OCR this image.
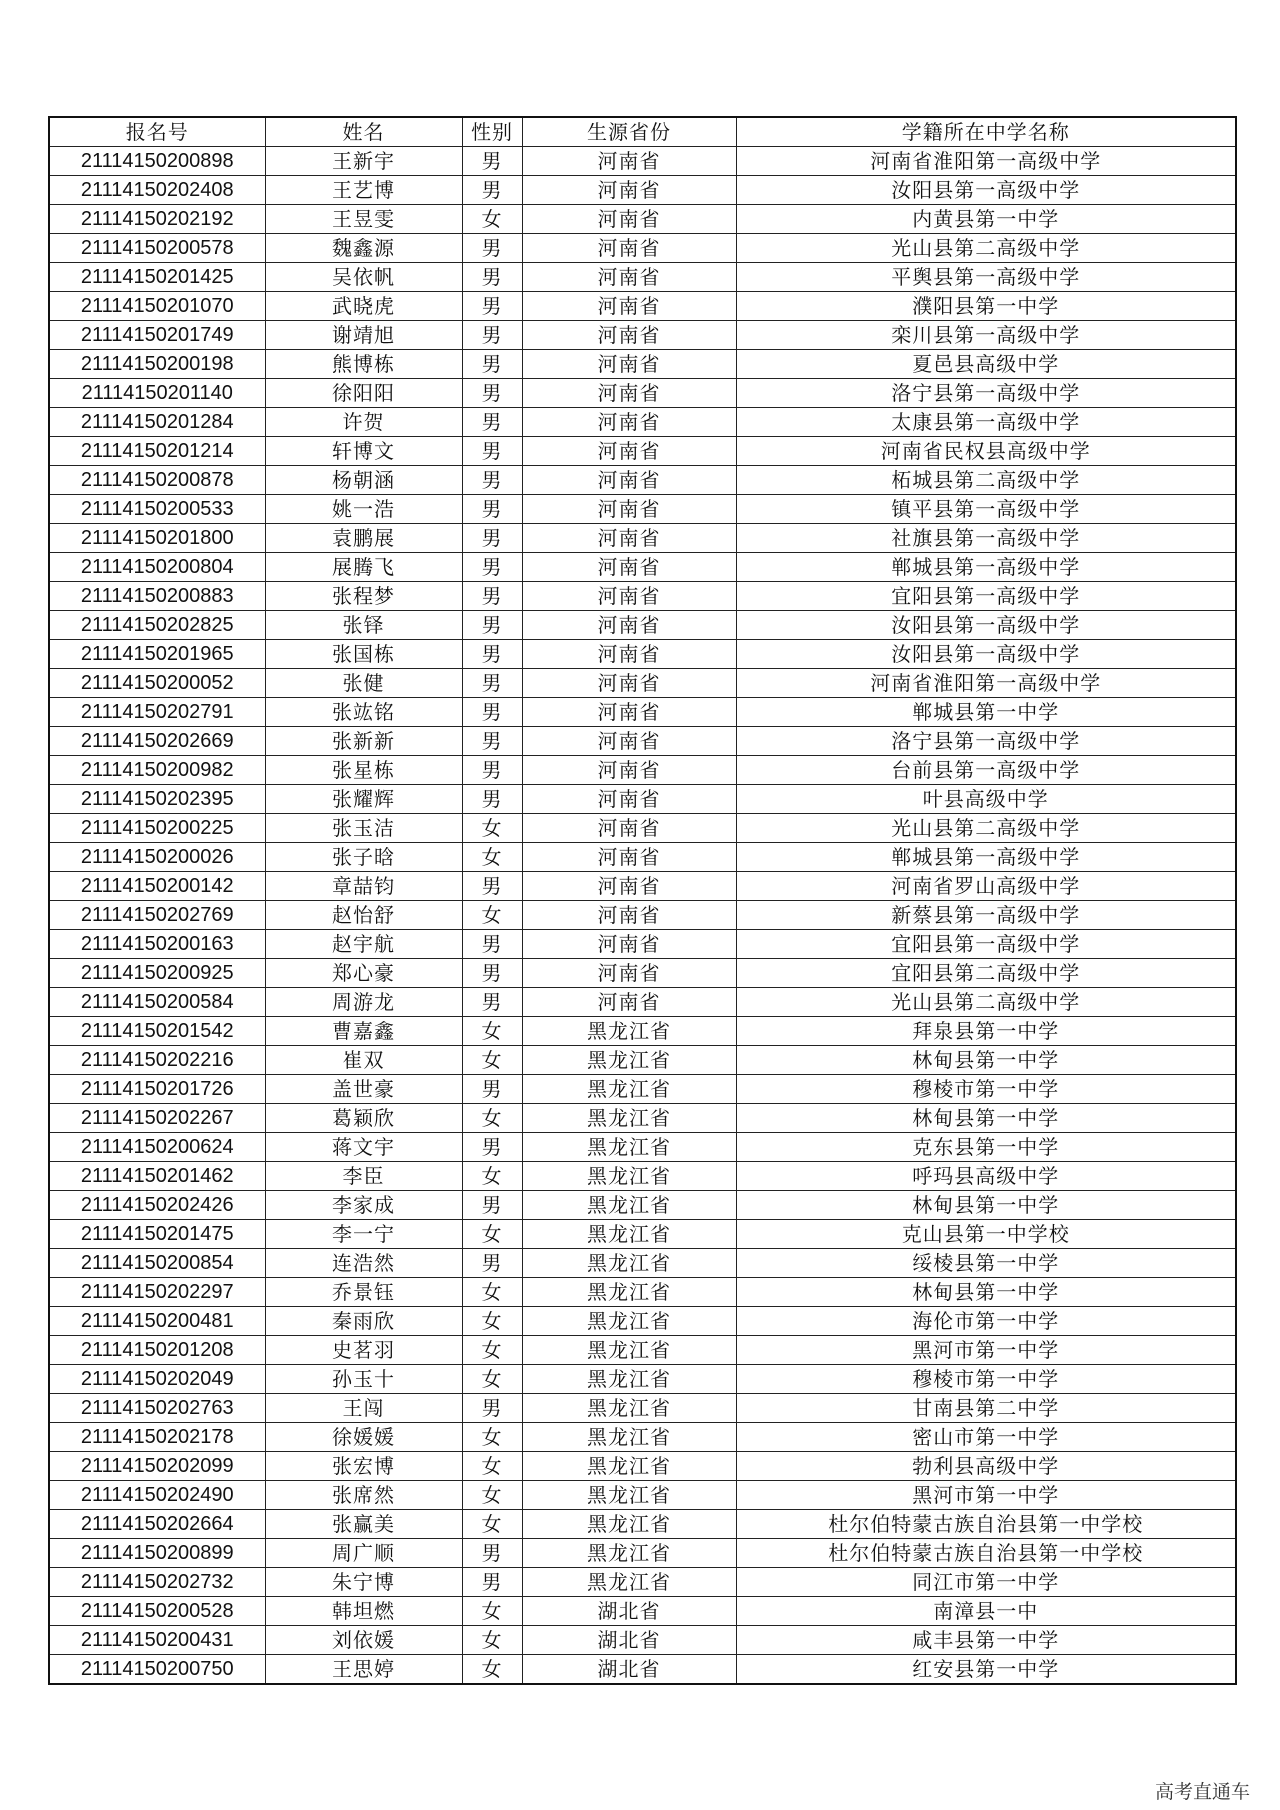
报名号	姓名	性别	生源省份	学籍所在中学名称
21114150200898	王新宇	男	河南省	河南省淮阳第一高级中学
21114150202408	王艺博	男	河南省	汝阳县第一高级中学
21114150202192	王昱雯	女	河南省	内黄县第一中学
21114150200578	魏鑫源	男	河南省	光山县第二高级中学
21114150201425	吴依帆	男	河南省	平舆县第一高级中学
21114150201070	武晓虎	男	河南省	濮阳县第一中学
21114150201749	谢靖旭	男	河南省	栾川县第一高级中学
21114150200198	熊博栋	男	河南省	夏邑县高级中学
21114150201140	徐阳阳	男	河南省	洛宁县第一高级中学
21114150201284	许贺	男	河南省	太康县第一高级中学
21114150201214	轩博文	男	河南省	河南省民权县高级中学
21114150200878	杨朝涵	男	河南省	柘城县第二高级中学
21114150200533	姚一浩	男	河南省	镇平县第一高级中学
21114150201800	袁鹏展	男	河南省	社旗县第一高级中学
21114150200804	展腾飞	男	河南省	郸城县第一高级中学
21114150200883	张程梦	男	河南省	宜阳县第一高级中学
21114150202825	张铎	男	河南省	汝阳县第一高级中学
21114150201965	张国栋	男	河南省	汝阳县第一高级中学
21114150200052	张健	男	河南省	河南省淮阳第一高级中学
21114150202791	张竑铭	男	河南省	郸城县第一中学
21114150202669	张新新	男	河南省	洛宁县第一高级中学
21114150200982	张星栋	男	河南省	台前县第一高级中学
21114150202395	张耀辉	男	河南省	叶县高级中学
21114150200225	张玉洁	女	河南省	光山县第二高级中学
21114150200026	张子晗	女	河南省	郸城县第一高级中学
21114150200142	章喆钧	男	河南省	河南省罗山高级中学
21114150202769	赵怡舒	女	河南省	新蔡县第一高级中学
21114150200163	赵宇航	男	河南省	宜阳县第一高级中学
21114150200925	郑心豪	男	河南省	宜阳县第二高级中学
21114150200584	周游龙	男	河南省	光山县第二高级中学
21114150201542	曹嘉鑫	女	黑龙江省	拜泉县第一中学
21114150202216	崔双	女	黑龙江省	林甸县第一中学
21114150201726	盖世豪	男	黑龙江省	穆棱市第一中学
21114150202267	葛颖欣	女	黑龙江省	林甸县第一中学
21114150200624	蒋文宇	男	黑龙江省	克东县第一中学
21114150201462	李臣	女	黑龙江省	呼玛县高级中学
21114150202426	李家成	男	黑龙江省	林甸县第一中学
21114150201475	李一宁	女	黑龙江省	克山县第一中学校
21114150200854	连浩然	男	黑龙江省	绥棱县第一中学
21114150202297	乔景钰	女	黑龙江省	林甸县第一中学
21114150200481	秦雨欣	女	黑龙江省	海伦市第一中学
21114150201208	史茗羽	女	黑龙江省	黑河市第一中学
21114150202049	孙玉十	女	黑龙江省	穆棱市第一中学
21114150202763	王闯	男	黑龙江省	甘南县第二中学
21114150202178	徐媛媛	女	黑龙江省	密山市第一中学
21114150202099	张宏博	女	黑龙江省	勃利县高级中学
21114150202490	张席然	女	黑龙江省	黑河市第一中学
21114150202664	张赢美	女	黑龙江省	杜尔伯特蒙古族自治县第一中学校
21114150200899	周广顺	男	黑龙江省	杜尔伯特蒙古族自治县第一中学校
21114150202732	朱宁博	男	黑龙江省	同江市第一中学
21114150200528	韩坦燃	女	湖北省	南漳县一中
21114150200431	刘依媛	女	湖北省	咸丰县第一中学
21114150200750	王思婷	女	湖北省	红安县第一中学
高考直通车
